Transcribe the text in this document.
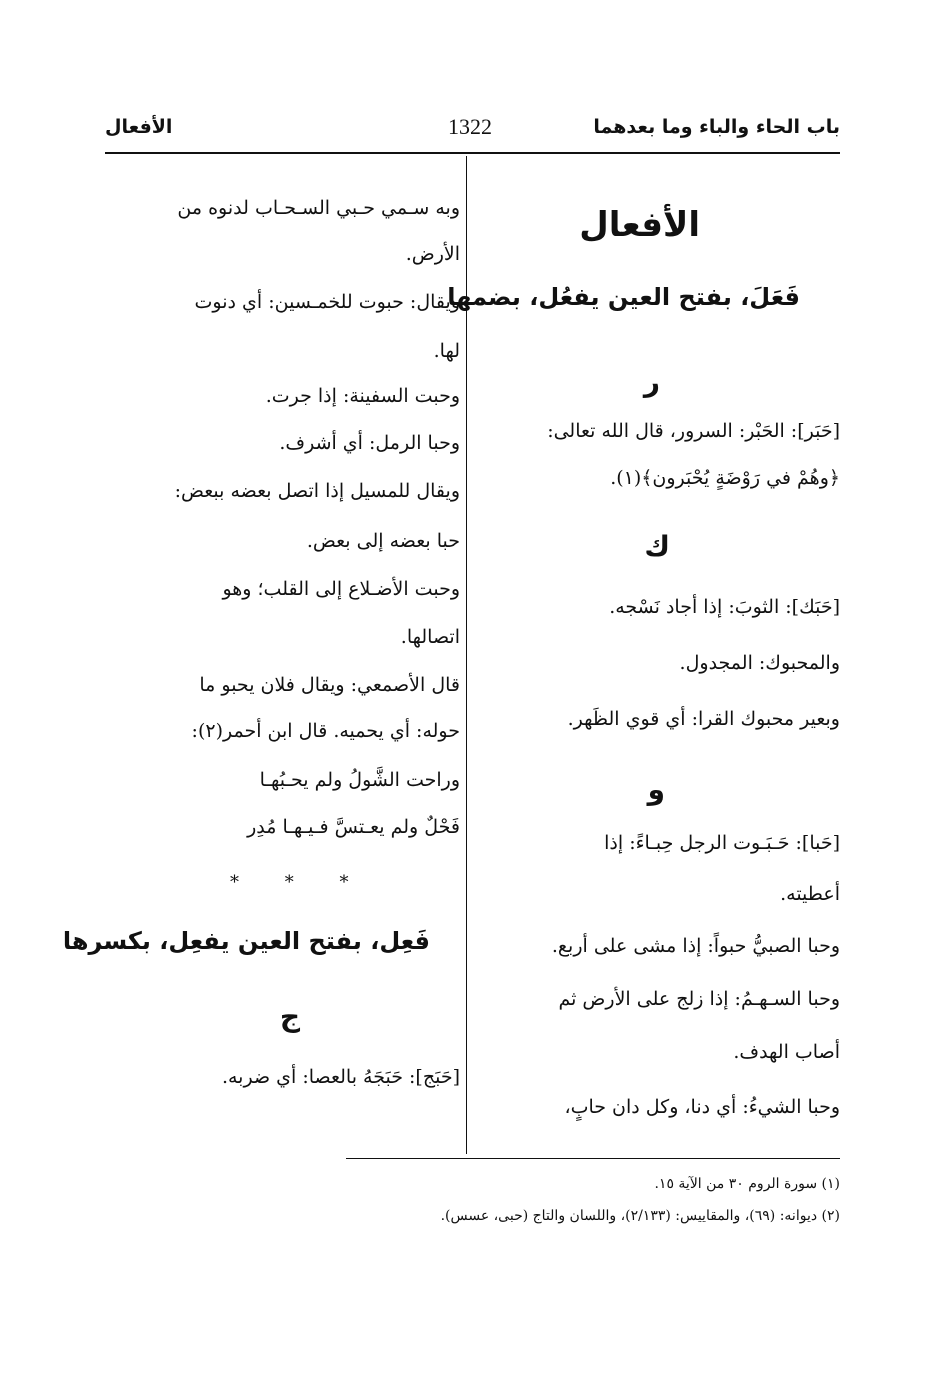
باب الحاء والباء وما بعدهما
1322
الأفعال
الأفعال
فَعَلَ، بفتح العين يفعُل، بضمها
ر
[حَبَر]: الحَبْر: السرور، قال الله تعالى:
﴿وهُمْ في رَوْضَةٍ يُحْبَرون﴾(١).
ك
[حَبَك]: الثوبَ: إذا أجاد نَسْجه.
والمحبوك: المجدول.
وبعير محبوك القرا: أي قوي الظَهر.
و
[حَبا]: حَـبَـوت الرجل حِبـاءً: إذا
أعطيته.
وحبا الصبيُّ حبواً: إذا مشى على أربع.
وحبا السـهـمُ: إذا زلج على الأرض ثم
أصاب الهدف.
وحبا الشيءُ: أي دنا، وكل دان حابٍ،
وبه سـمي حـبي السـحـاب لدنوه من
الأرض.
ويقال: حبوت للخمـسين: أي دنوت
لها.
وحبت السفينة: إذا جرت.
وحبا الرمل: أي أشرف.
ويقال للمسيل إذا اتصل بعضه ببعض:
حبا بعضه إلى بعض.
وحبت الأضـلاع إلى القلب؛ وهو
اتصالها.
قال الأصمعي: ويقال فلان يحبو ما
حوله: أي يحميه. قال ابن أحمر(٢):
وراحت الشَّولُ ولم يحـبُهـا
فَحْلٌ ولم يعـتسَّ فـيـهـا مُدِر
* * *
فَعِل، بفتح العين يفعِل، بكسرها
ج
[حَبَج]: حَبَجَهُ بالعصا: أي ضربه.
(١) سورة الروم ٣٠ من الآية ١٥.
(٢) ديوانه: (٦٩)، والمقاييس: (٢/١٣٣)، واللسان والتاج (حبى، عسس).
